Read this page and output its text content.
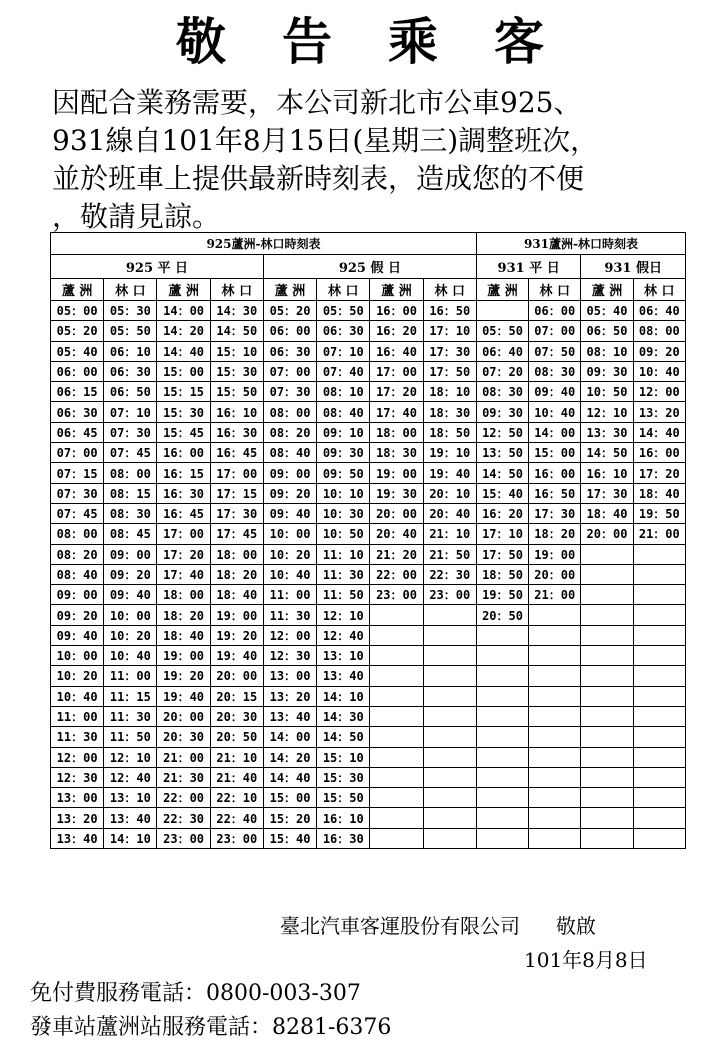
敬告乘客
因配合業務需要，本公司新北市公車925、
931線自101年8月15日(星期三)調整班次，
並於班車上提供最新時刻表，造成您的不便
，敬請見諒。
925蘆洲-林口時刻表								931蘆洲-林口時刻表			
925 平 日				925 假 日				931 平 日		931 假日	
蘆 洲	林 口	蘆 洲	林 口	蘆 洲	林 口	蘆 洲	林 口	蘆 洲	林 口	蘆 洲	林 口
05：00	05：30	14：00	14：30	05：20	05：50	16：00	16：50		06：00	05：40	06：40
05：20	05：50	14：20	14：50	06：00	06：30	16：20	17：10	05：50	07：00	06：50	08：00
05：40	06：10	14：40	15：10	06：30	07：10	16：40	17：30	06：40	07：50	08：10	09：20
06：00	06：30	15：00	15：30	07：00	07：40	17：00	17：50	07：20	08：30	09：30	10：40
06：15	06：50	15：15	15：50	07：30	08：10	17：20	18：10	08：30	09：40	10：50	12：00
06：30	07：10	15：30	16：10	08：00	08：40	17：40	18：30	09：30	10：40	12：10	13：20
06：45	07：30	15：45	16：30	08：20	09：10	18：00	18：50	12：50	14：00	13：30	14：40
07：00	07：45	16：00	16：45	08：40	09：30	18：30	19：10	13：50	15：00	14：50	16：00
07：15	08：00	16：15	17：00	09：00	09：50	19：00	19：40	14：50	16：00	16：10	17：20
07：30	08：15	16：30	17：15	09：20	10：10	19：30	20：10	15：40	16：50	17：30	18：40
07：45	08：30	16：45	17：30	09：40	10：30	20：00	20：40	16：20	17：30	18：40	19：50
08：00	08：45	17：00	17：45	10：00	10：50	20：40	21：10	17：10	18：20	20：00	21：00
08：20	09：00	17：20	18：00	10：20	11：10	21：20	21：50	17：50	19：00		
08：40	09：20	17：40	18：20	10：40	11：30	22：00	22：30	18：50	20：00		
09：00	09：40	18：00	18：40	11：00	11：50	23：00	23：00	19：50	21：00		
09：20	10：00	18：20	19：00	11：30	12：10			20：50			
09：40	10：20	18：40	19：20	12：00	12：40						
10：00	10：40	19：00	19：40	12：30	13：10						
10：20	11：00	19：20	20：00	13：00	13：40						
10：40	11：15	19：40	20：15	13：20	14：10						
11：00	11：30	20：00	20：30	13：40	14：30						
11：30	11：50	20：30	20：50	14：00	14：50						
12：00	12：10	21：00	21：10	14：20	15：10						
12：30	12：40	21：30	21：40	14：40	15：30						
13：00	13：10	22：00	22：10	15：00	15：50						
13：20	13：40	22：30	22：40	15：20	16：10						
13：40	14：10	23：00	23：00	15：40	16：30						
臺北汽車客運股份有限公司 敬啟
101年8月8日
免付費服務電話：0800-003-307
發車站蘆洲站服務電話：8281-6376
